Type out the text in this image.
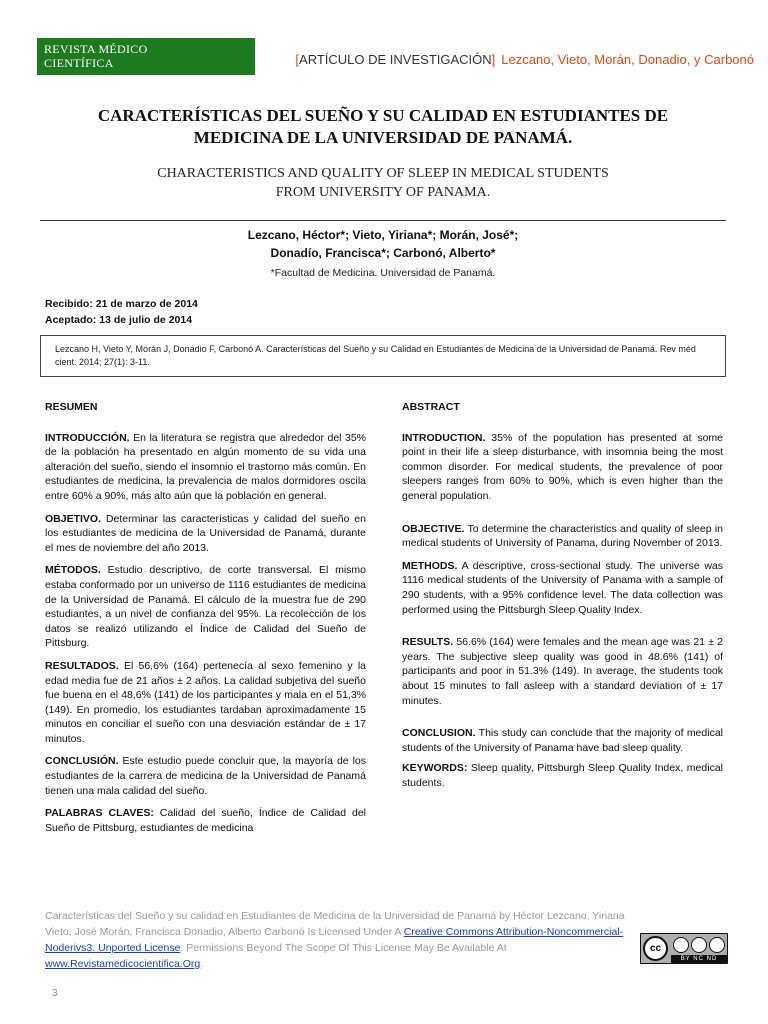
REVISTA MÉDICO
CIENTÍFICA	[ARTÍCULO DE INVESTIGACIÓN] Lezcano, Vieto, Morán, Donadio, y Carbonó
CARACTERÍSTICAS DEL SUEÑO Y SU CALIDAD EN ESTUDIANTES DE
MEDICINA DE LA UNIVERSIDAD DE PANAMÁ.
CHARACTERISTICS AND QUALITY OF SLEEP IN MEDICAL STUDENTS
FROM UNIVERSITY OF PANAMA.
Lezcano, Héctor*; Vieto, Yiriana*; Morán, José*;
Donadío, Francisca*; Carbonó, Alberto*
*Facultad de Medicina. Universidad de Panamá.
Recibido: 21 de marzo de 2014
Aceptado: 13 de julio de 2014
Lezcano H, Vieto Y, Morán J, Donadio F, Carbonó A. Características del Sueño y su Calidad en Estudiantes de Medicina de la Universidad de Panamá. Rev méd cient. 2014; 27(1): 3-11.
RESUMEN

INTRODUCCIÓN. En la literatura se registra que alrededor del 35% de la población ha presentado en algún momento de su vida una alteración del sueño, siendo el insomnio el trastorno más común. En estudiantes de medicina, la prevalencia de malos dormidores oscila entre 60% a 90%, más alto aún que la población en general.

OBJETIVO. Determinar las características y calidad del sueño en los estudiantes de medicina de la Universidad de Panamá, durante el mes de noviembre del año 2013.

MÉTODOS. Estudio descriptivo, de corte transversal. El mismo estaba conformado por un universo de 1116 estudiantes de medicina de la Universidad de Panamá. El cálculo de la muestra fue de 290 estudiantes, a un nivel de confianza del 95%. La recolección de los datos se realizó utilizando el Índice de Calidad del Sueño de Pittsburg.

RESULTADOS. El 56,6% (164) pertenecía al sexo femenino y la edad media fue de 21 años ± 2 años. La calidad subjetiva del sueño fue buena en el 48,6% (141) de los participantes y mala en el 51,3% (149). En promedio, los estudiantes tardaban aproximadamente 15 minutos en conciliar el sueño con una desviación estándar de ± 17 minutos.

CONCLUSIÓN. Este estudio puede concluir que, la mayoría de los estudiantes de la carrera de medicina de la Universidad de Panamá tienen una mala calidad del sueño.

PALABRAS CLAVES: Calidad del sueño, Índice de Calidad del Sueño de Pittsburg, estudiantes de medicina

ABSTRACT

INTRODUCTION. 35% of the population has presented at some point in their life a sleep disturbance, with insomnia being the most common disorder. For medical students, the prevalence of poor sleepers ranges from 60% to 90%, which is even higher than the general population.

OBJECTIVE. To determine the characteristics and quality of sleep in medical students of University of Panama, during November of 2013.

METHODS. A descriptive, cross-sectional study. The universe was 1116 medical students of the University of Panama with a sample of 290 students, with a 95% confidence level. The data collection was performed using the Pittsburgh Sleep Quality Index.

RESULTS. 56.6% (164) were females and the mean age was 21 ± 2 years. The subjective sleep quality was good in 48.6% (141) of participants and poor in 51.3% (149). In average, the students took about 15 minutes to fall asleep with a standard deviation of ± 17 minutes.

CONCLUSION. This study can conclude that the majority of medical students of the University of Panama have bad sleep quality.

KEYWORDS: Sleep quality, Pittsburgh Sleep Quality Index, medical students.

Características del Sueño y su calidad en Estudiantes de Medicina de la Universidad de Panamá by Héctor Lezcano, Yiriana Vieto, José Morán, Francisca Donadio, Alberto Carbonó Is Licensed Under A Creative Commons Attribution-Noncommercial-Noderivs3. Unported License. Permissions Beyond The Scope Of This License May Be Available At www.Revistamedicocientifica.Org.
cc
BY NC ND
3
